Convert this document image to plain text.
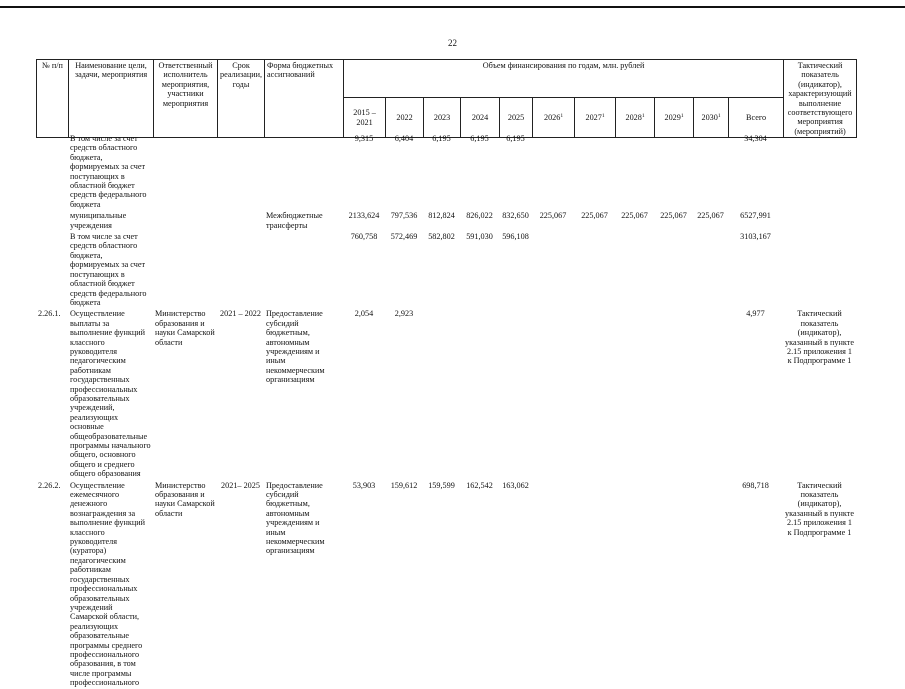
22
№ п/п	Наименование цели, задачи, мероприятия	Ответственный исполнитель мероприятия, участники мероприятия	Срок реализации, годы	Форма бюджетных ассигнований	Объем финансирования по годам, млн. рублей											Тактический показатель (индикатор), характеризующий выполнение соответствующего мероприятия (мероприятий)
					2015 – 2021	2022	2023	2024	2025	2026$^1$	2027$^1$	2028$^1$	2029$^1$	2030$^1$	Всего	
	В том числе за счет средств областного бюджета, формируемых за счет поступающих в областной бюджет средств федерального бюджета				9,315	6,404	6,195	6,195	6,195						34,304	
	муниципальные учреждения			Межбюджетные трансферты	2133,624	797,536	812,824	826,022	832,650	225,067	225,067	225,067	225,067	225,067	6527,991	
	В том числе за счет средств областного бюджета, формируемых за счет поступающих в областной бюджет средств федерального бюджета				760,758	572,469	582,802	591,030	596,108						3103,167	
2.26.1.	Осуществление выплаты за выполнение функций классного руководителя педагогическим работникам государственных профессиональных образовательных учреждений, реализующих основные общеобразовательные программы начального общего, основного общего и среднего общего образования	Министерство образования и науки Самарской области	2021 – 2022	Предоставление субсидий бюджетным, автономным учреждениям и иным некоммерческим организациям	2,054	2,923									4,977	Тактический показатель (индикатор), указанный в пункте 2.15 приложения 1 к Подпрограмме 1
2.26.2.	Осуществление ежемесячного денежного вознаграждения за выполнение функций классного руководителя (куратора) педагогическим работникам государственных профессиональных образовательных учреждений Самарской области, реализующих образовательные программы среднего профессионального образования, в том числе программы профессионального	Министерство образования и науки Самарской области	2021– 2025	Предоставление субсидий бюджетным, автономным учреждениям и иным некоммерческим организациям	53,903	159,612	159,599	162,542	163,062						698,718	Тактический показатель (индикатор), указанный в пункте 2.15 приложения 1 к Подпрограмме 1
